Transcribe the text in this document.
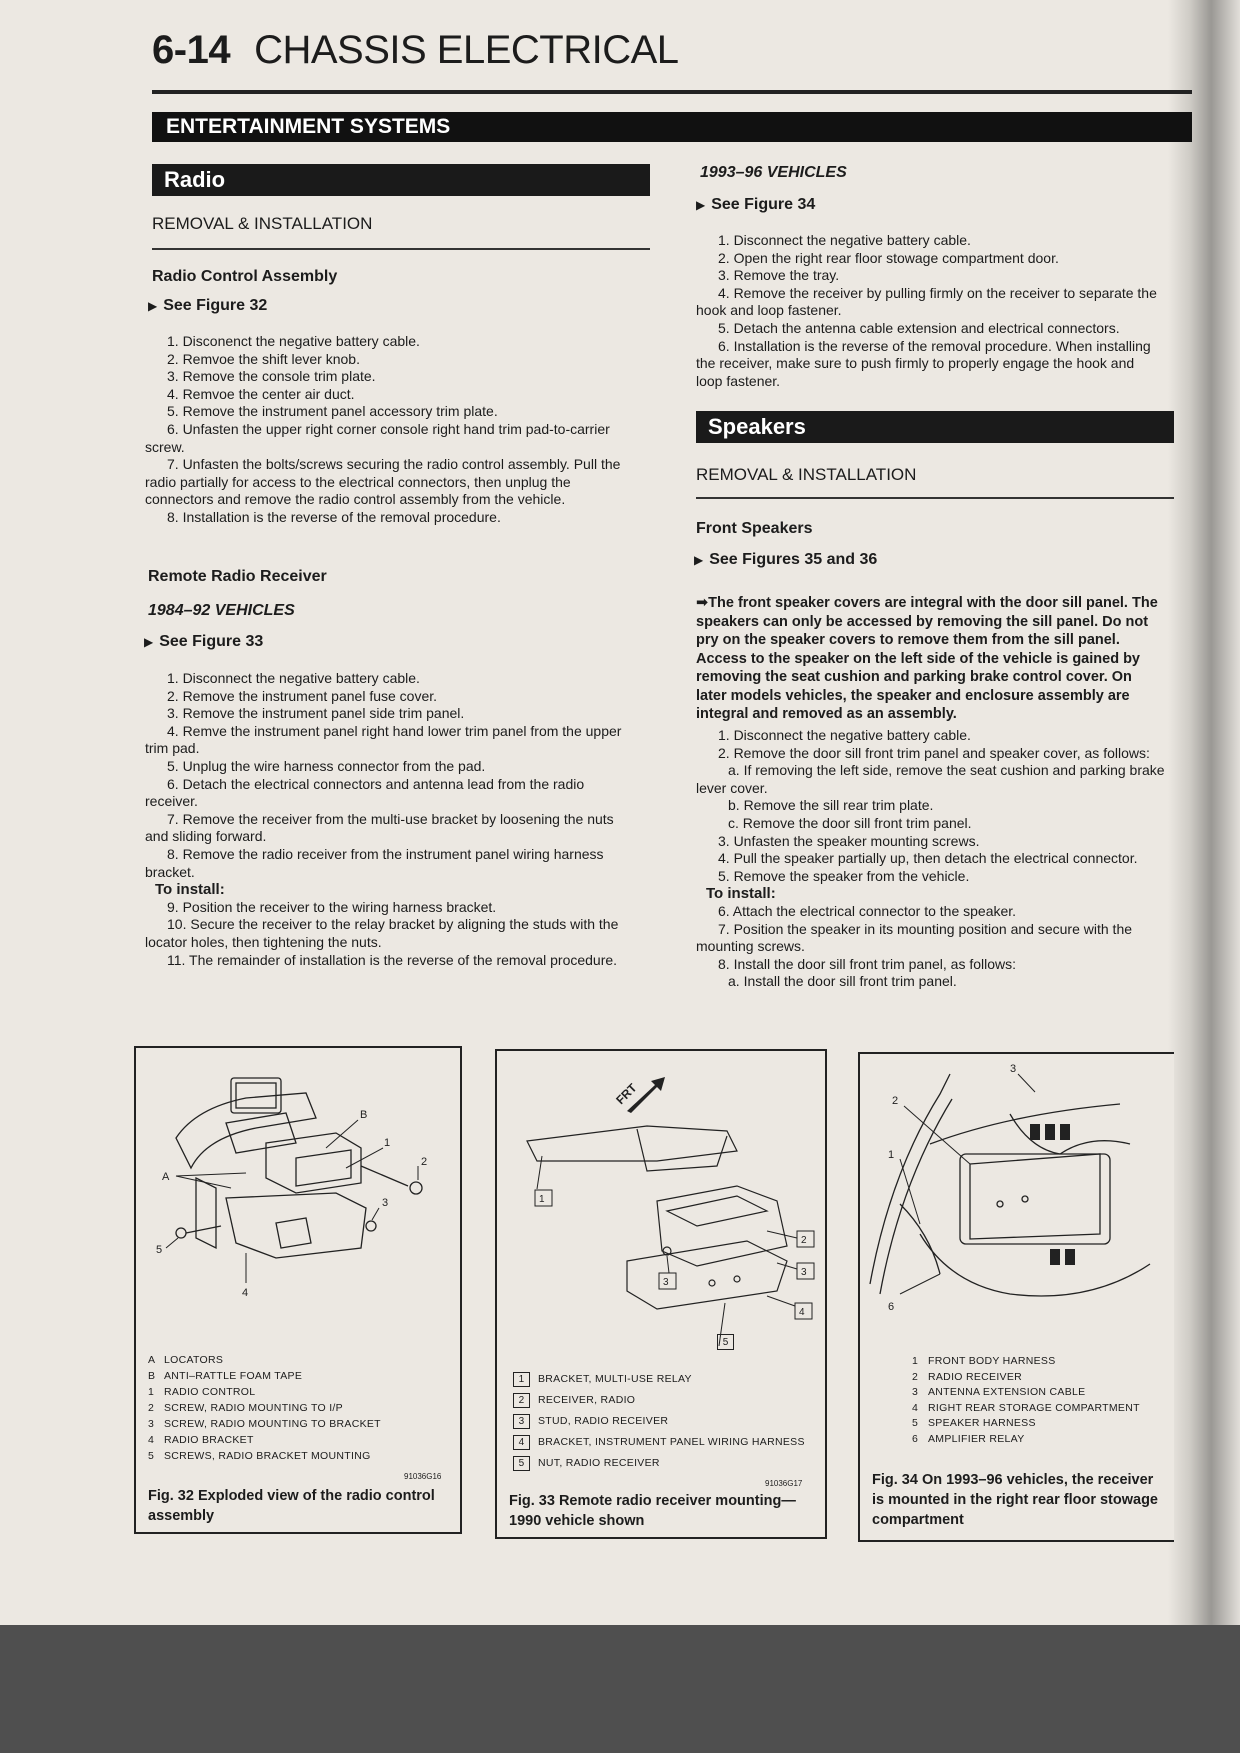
6-14 CHASSIS ELECTRICAL
ENTERTAINMENT SYSTEMS
Radio
REMOVAL & INSTALLATION
Radio Control Assembly
▶ See Figure 32
1. Disconenct the negative battery cable.
2. Remvoe the shift lever knob.
3. Remove the console trim plate.
4. Remvoe the center air duct.
5. Remove the instrument panel accessory trim plate.
6. Unfasten the upper right corner console right hand trim pad-to-carrier screw.
7. Unfasten the bolts/screws securing the radio control assembly. Pull the radio partially for access to the electrical connectors, then unplug the connectors and remove the radio control assembly from the vehicle.
8. Installation is the reverse of the removal procedure.
Remote Radio Receiver
1984–92 VEHICLES
▶ See Figure 33
1. Disconnect the negative battery cable.
2. Remove the instrument panel fuse cover.
3. Remove the instrument panel side trim panel.
4. Remve the instrument panel right hand lower trim panel from the upper trim pad.
5. Unplug the wire harness connector from the pad.
6. Detach the electrical connectors and antenna lead from the radio receiver.
7. Remove the receiver from the multi-use bracket by loosening the nuts and sliding forward.
8. Remove the radio receiver from the instrument panel wiring harness bracket.
To install:
9. Position the receiver to the wiring harness bracket.
10. Secure the receiver to the relay bracket by aligning the studs with the locator holes, then tightening the nuts.
11. The remainder of installation is the reverse of the removal procedure.
1993–96 VEHICLES
▶ See Figure 34
1. Disconnect the negative battery cable.
2. Open the right rear floor stowage compartment door.
3. Remove the tray.
4. Remove the receiver by pulling firmly on the receiver to separate the hook and loop fastener.
5. Detach the antenna cable extension and electrical connectors.
6. Installation is the reverse of the removal procedure. When installing the receiver, make sure to push firmly to properly engage the hook and loop fastener.
Speakers
REMOVAL & INSTALLATION
Front Speakers
▶ See Figures 35 and 36
➡The front speaker covers are integral with the door sill panel. The speakers can only be accessed by removing the sill panel. Do not pry on the speaker covers to remove them from the sill panel. Access to the speaker on the left side of the vehicle is gained by removing the seat cushion and parking brake control cover. On later models vehicles, the speaker and enclosure assembly are integral and removed as an assembly.
1. Disconnect the negative battery cable.
2. Remove the door sill front trim panel and speaker cover, as follows:
a. If removing the left side, remove the seat cushion and parking brake lever cover.
b. Remove the sill rear trim plate.
c. Remove the door sill front trim panel.
3. Unfasten the speaker mounting screws.
4. Pull the speaker partially up, then detach the electrical connector.
5. Remove the speaker from the vehicle.
To install:
6. Attach the electrical connector to the speaker.
7. Position the speaker in its mounting position and secure with the mounting screws.
8. Install the door sill front trim panel, as follows:
a. Install the door sill front trim panel.
B
1
2
A
3
5
4
A LOCATORS
B ANTI–RATTLE FOAM TAPE
1 RADIO CONTROL
2 SCREW, RADIO MOUNTING TO I/P
3 SCREW, RADIO MOUNTING TO BRACKET
4 RADIO BRACKET
5 SCREWS, RADIO BRACKET MOUNTING
91036G16
Fig. 32 Exploded view of the radio control assembly
1
2
3
3
4
FRT
5
1 BRACKET, MULTI-USE RELAY
2 RECEIVER, RADIO
3 STUD, RADIO RECEIVER
4 BRACKET, INSTRUMENT PANEL WIRING HARNESS
5 NUT, RADIO RECEIVER
91036G17
Fig. 33 Remote radio receiver mounting—1990 vehicle shown
3
2
1
6
1 FRONT BODY HARNESS
2 RADIO RECEIVER
3 ANTENNA EXTENSION CABLE
4 RIGHT REAR STORAGE COMPARTMENT
5 SPEAKER HARNESS
6 AMPLIFIER RELAY
Fig. 34 On 1993–96 vehicles, the receiver is mounted in the right rear floor stowage compartment
